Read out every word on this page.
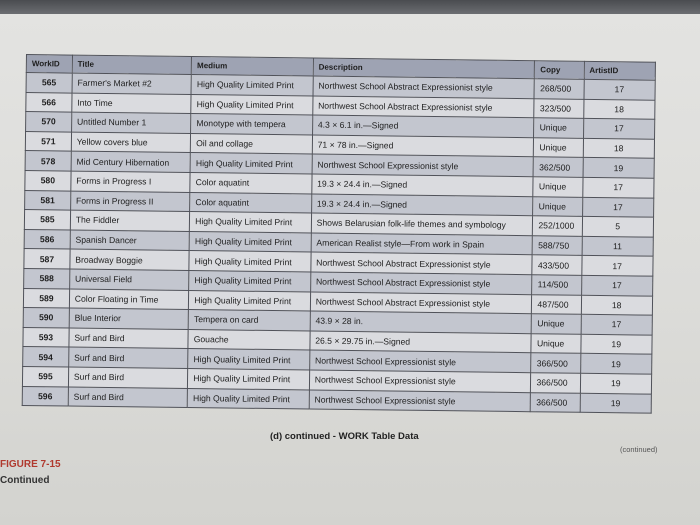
WorkID	Title	Medium	Description	Copy	ArtistID
565	Farmer's Market #2	High Quality Limited Print	Northwest School Abstract Expressionist style	268/500	17
566	Into Time	High Quality Limited Print	Northwest School Abstract Expressionist style	323/500	18
570	Untitled Number 1	Monotype with tempera	4.3 × 6.1 in.—Signed	Unique	17
571	Yellow covers blue	Oil and collage	71 × 78 in.—Signed	Unique	18
578	Mid Century Hibernation	High Quality Limited Print	Northwest School Expressionist style	362/500	19
580	Forms in Progress I	Color aquatint	19.3 × 24.4 in.—Signed	Unique	17
581	Forms in Progress II	Color aquatint	19.3 × 24.4 in.—Signed	Unique	17
585	The Fiddler	High Quality Limited Print	Shows Belarusian folk-life themes and symbology	252/1000	5
586	Spanish Dancer	High Quality Limited Print	American Realist style—From work in Spain	588/750	11
587	Broadway Boggie	High Quality Limited Print	Northwest School Abstract Expressionist style	433/500	17
588	Universal Field	High Quality Limited Print	Northwest School Abstract Expressionist style	114/500	17
589	Color Floating in Time	High Quality Limited Print	Northwest School Abstract Expressionist style	487/500	18
590	Blue Interior	Tempera on card	43.9 × 28 in.	Unique	17
593	Surf and Bird	Gouache	26.5 × 29.75 in.—Signed	Unique	19
594	Surf and Bird	High Quality Limited Print	Northwest School Expressionist style	366/500	19
595	Surf and Bird	High Quality Limited Print	Northwest School Expressionist style	366/500	19
596	Surf and Bird	High Quality Limited Print	Northwest School Expressionist style	366/500	19
(d) continued - WORK Table Data
(continued)
FIGURE 7-15
Continued
